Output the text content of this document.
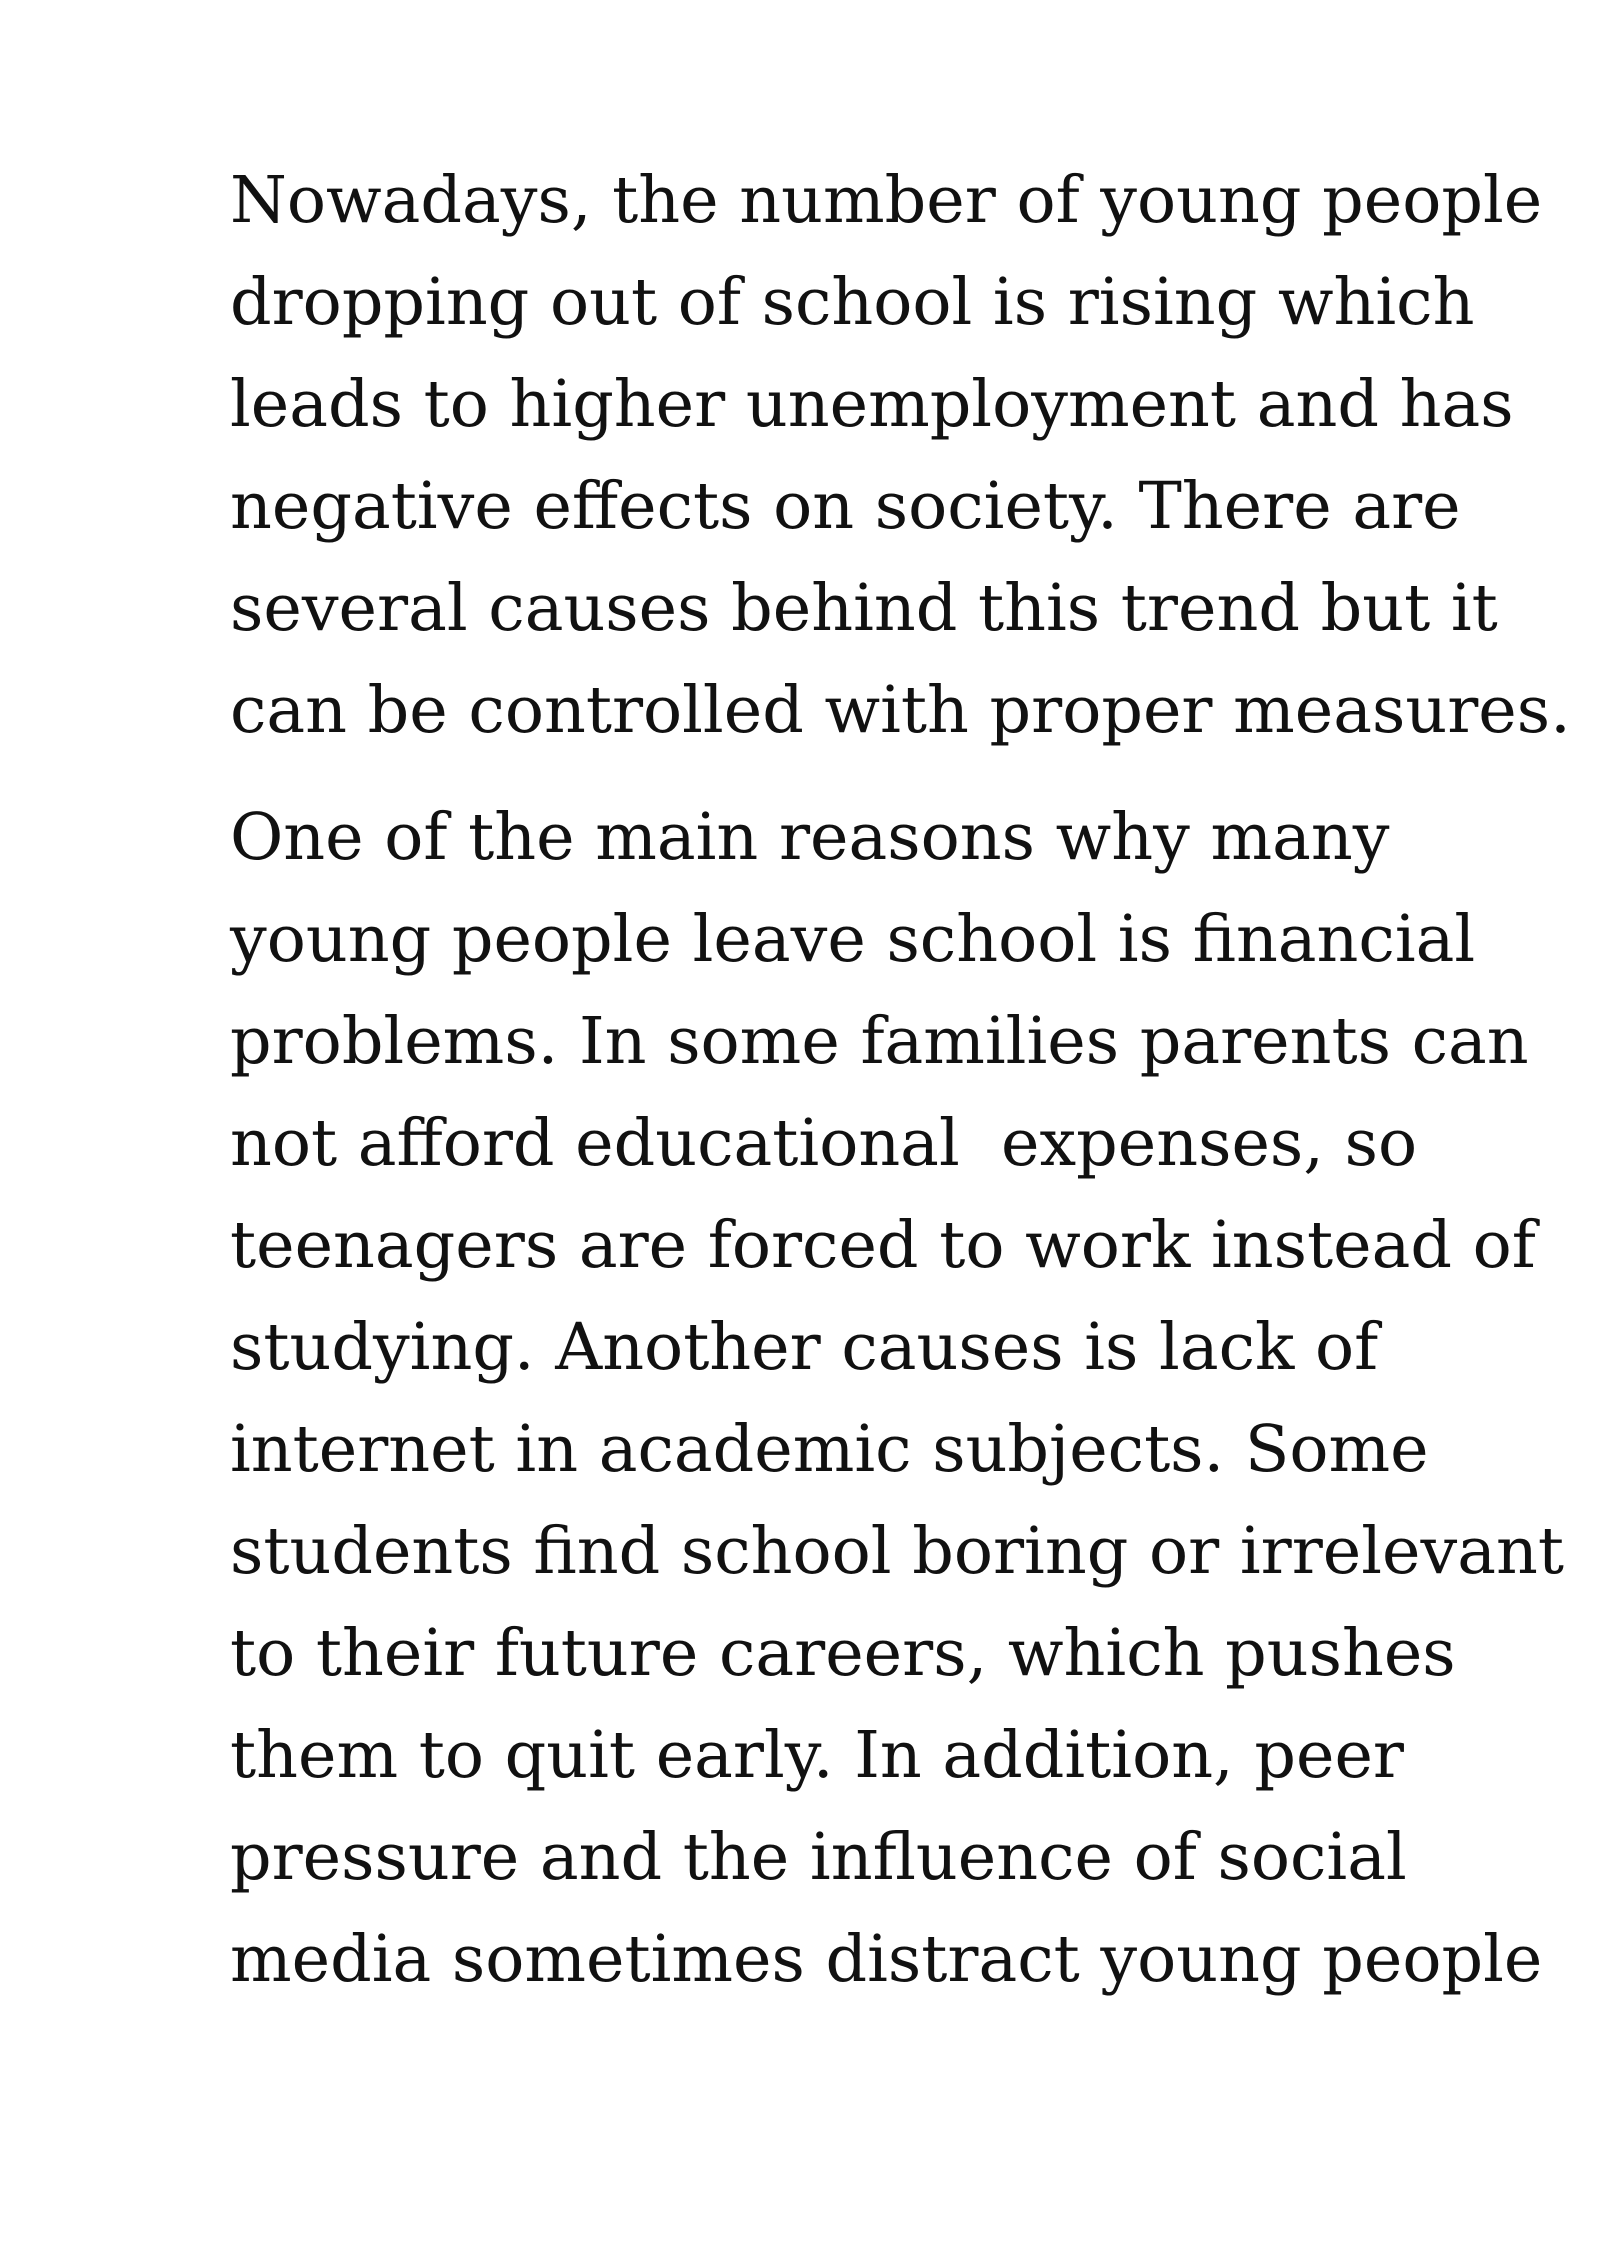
Nowadays, the number of young people
dropping out of school is rising which
leads to higher unemployment and has
negative effects on society. There are
several causes behind this trend but it
can be controlled with proper measures.

One of the main reasons why many
young people leave school is financial
problems. In some families parents can
not afford educational  expenses, so
teenagers are forced to work instead of
studying. Another causes is lack of
internet in academic subjects. Some
students find school boring or irrelevant
to their future careers, which pushes
them to quit early. In addition, peer
pressure and the influence of social
media sometimes distract young people
